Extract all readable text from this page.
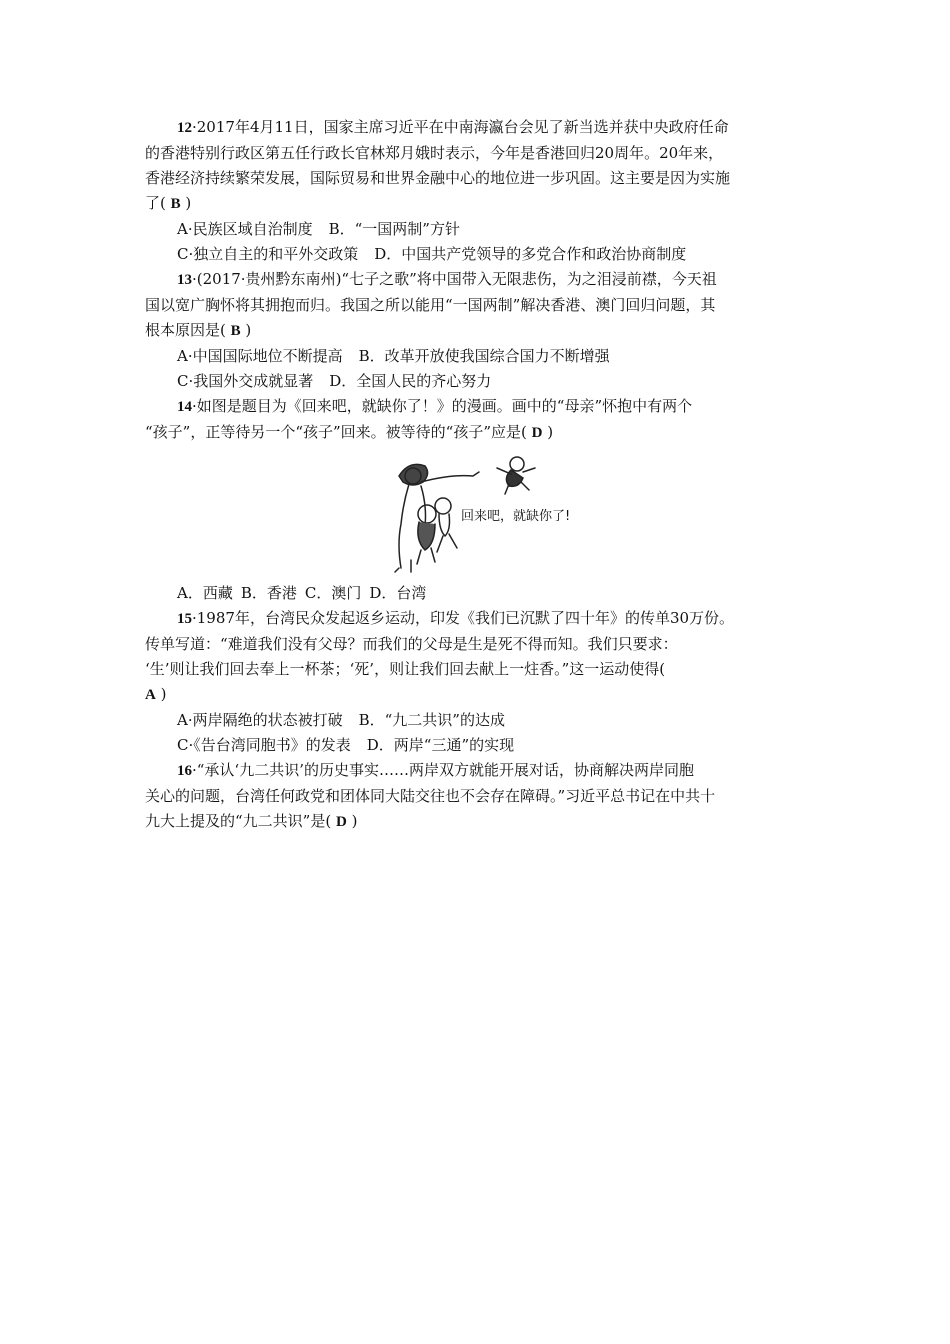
12·2017年4月11日，国家主席习近平在中南海瀛台会见了新当选并获中央政府任命

的香港特别行政区第五任行政长官林郑月娥时表示，今年是香港回归20周年。20年来，

香港经济持续繁荣发展，国际贸易和世界金融中心的地位进一步巩固。这主要是因为实施

了( B )

A·民族区域自治制度 B．“一国两制”方针

C·独立自主的和平外交政策 D．中国共产党领导的多党合作和政治协商制度

13·(2017·贵州黔东南州)“七子之歌”将中国带入无限悲伤，为之泪浸前襟，今天祖

国以宽广胸怀将其拥抱而归。我国之所以能用“一国两制”解决香港、澳门回归问题，其

根本原因是( B )

A·中国国际地位不断提高 B．改革开放使我国综合国力不断增强

C·我国外交成就显著 D．全国人民的齐心努力

14·如图是题目为《回来吧，就缺你了！》的漫画。画中的“母亲”怀抱中有两个

“孩子”，正等待另一个“孩子”回来。被等待的“孩子”应是( D )

回来吧，就缺你了!

A．西藏 B．香港 C．澳门 D．台湾

15·1987年，台湾民众发起返乡运动，印发《我们已沉默了四十年》的传单30万份。

传单写道：“难道我们没有父母？而我们的父母是生是死不得而知。我们只要求：

‘生’则让我们回去奉上一杯茶；‘死’，则让我们回去献上一炷香。”这一运动使得(

A )

A·两岸隔绝的状态被打破 B．“九二共识”的达成

C·《告台湾同胞书》的发表 D．两岸“三通”的实现

16·“承认‘九二共识’的历史事实……两岸双方就能开展对话，协商解决两岸同胞

关心的问题，台湾任何政党和团体同大陆交往也不会存在障碍。”习近平总书记在中共十

九大上提及的“九二共识”是( D )
